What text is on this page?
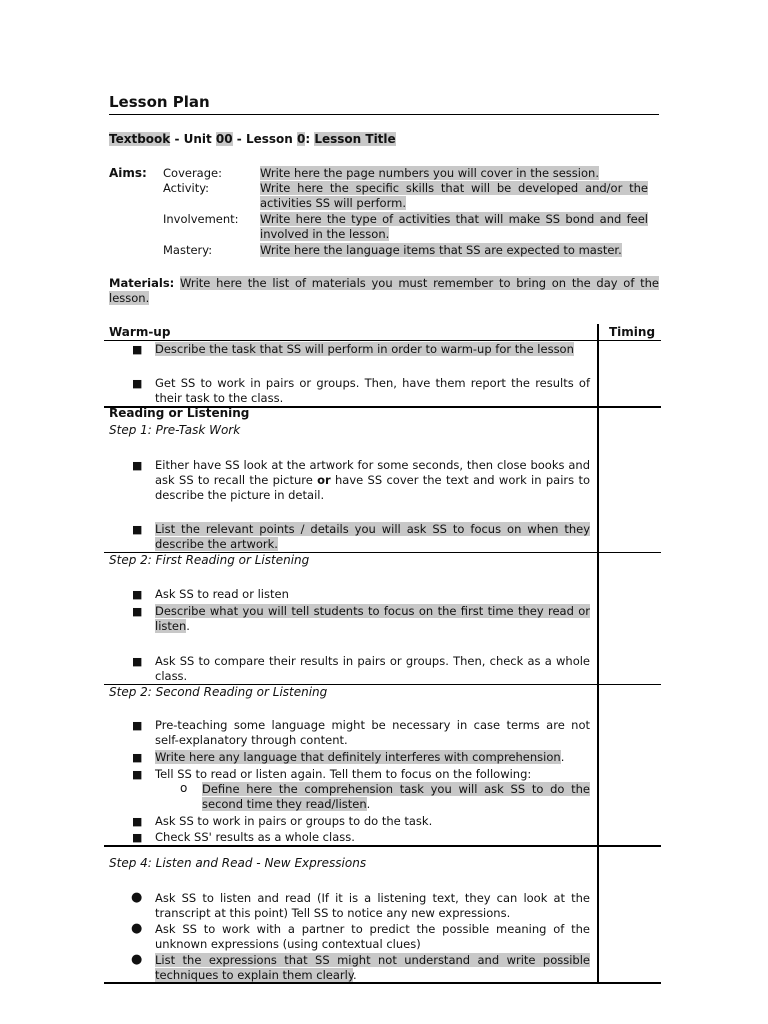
Lesson Plan
Textbook - Unit 00 - Lesson 0: Lesson Title
Aims: Coverage:	Write here the page numbers you will cover in the session.
Activity:	Write here the specific skills that will be developed and/or the activities SS will perform.
Involvement: Write here the type of activities that will make SS bond and feel involved in the lesson.
Mastery:	Write here the language items that SS are expected to master.
Materials: Write here the list of materials you must remember to bring on the day of the lesson.
Warm-up	Timing
■ Describe the task that SS will perform in order to warm-up for the lesson
■ Get SS to work in pairs or groups. Then, have them report the results of their task to the class.
Reading or Listening
Step 1: Pre-Task Work
■ Either have SS look at the artwork for some seconds, then close books and ask SS to recall the picture or have SS cover the text and work in pairs to describe the picture in detail.
■ List the relevant points / details you will ask SS to focus on when they describe the artwork.
Step 2: First Reading or Listening
■ Ask SS to read or listen
■ Describe what you will tell students to focus on the first time they read or listen.
■ Ask SS to compare their results in pairs or groups. Then, check as a whole class.
Step 2: Second Reading or Listening
■ Pre-teaching some language might be necessary in case terms are not self-explanatory through content.
■ Write here any language that definitely interferes with comprehension.
■ Tell SS to read or listen again. Tell them to focus on the following:
o Define here the comprehension task you will ask SS to do the second time they read/listen.
■ Ask SS to work in pairs or groups to do the task.
■ Check SS' results as a whole class.
Step 4: Listen and Read - New Expressions
● Ask SS to listen and read (If it is a listening text, they can look at the transcript at this point) Tell SS to notice any new expressions.
● Ask SS to work with a partner to predict the possible meaning of the unknown expressions (using contextual clues)
● List the expressions that SS might not understand and write possible techniques to explain them clearly.
